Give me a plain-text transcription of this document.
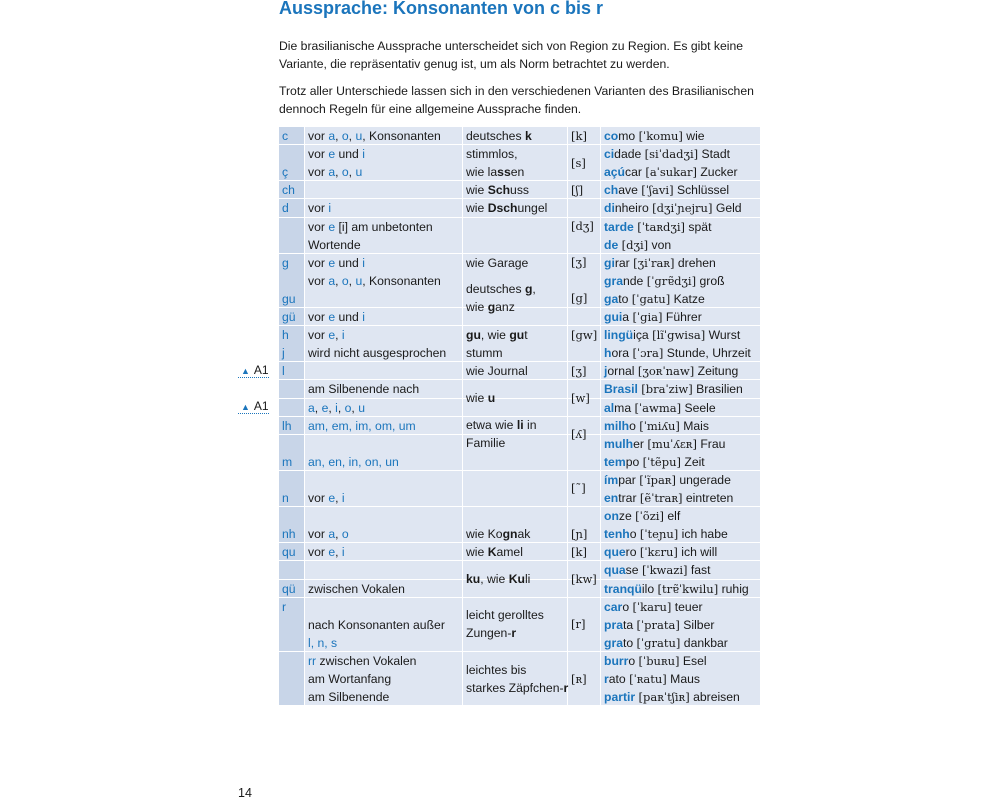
Aussprache: Konsonanten von c bis r

Die brasilianische Aussprache unterscheidet sich von Region zu Region. Es gibt keine Variante, die repräsentativ genug ist, um als Norm betrachtet zu werden.

Trotz aller Unterschiede lassen sich in den verschiedenen Varianten des Brasilianischen dennoch Regeln für eine allgemeine Aussprache finden.

▲ A1
▲ A1
c
ç
ch
d
g
gu
gü
h
j
l
lh
m
n
nh
qu
qü
r
vor a, o, u, Konsonanten
vor e und i
vor a, o, u
vor i
vor e [i] am unbetonten
Wortende
vor e und i
vor a, o, u, Konsonanten
vor e und i
vor e, i
wird nicht ausgesprochen
am Silbenende nach
a, e, i, o, u
am, em, im, om, um
an, en, in, on, un
vor e, i
vor a, o
vor e, i
zwischen Vokalen
nach Konsonanten außer
l, n, s
rr zwischen Vokalen
am Wortanfang
am Silbenende
deutsches k
stimmlos,
wie lassen
wie Schuss
wie Dschungel
wie Garage
deutsches g,
wie ganz
gu, wie gut
stumm
wie Journal
wie u
etwa wie li in
Familie
wie Kognak
wie Kamel
ku, wie Kuli
leicht gerolltes
Zungen-r
leichtes bis
starkes Zäpfchen-r
[k]
[s]
[ʃ]
[dʒ]
[ʒ]
[g]
[gw]
[ʒ]
[w]
[ʎ]
[˜]
[ɲ]
[k]
[kw]
[r]
[ʀ]
como [ˈkomu] wie
cidade [siˈdadʒi] Stadt
açúcar [aˈsukar] Zucker
chave [ˈʃavi] Schlüssel
dinheiro [dʒiˈɲejru] Geld
tarde [ˈtaʀdʒi] spät
de [dʒi] von
girar [ʒiˈraʀ] drehen
grande [ˈgrɐ̃dʒi] groß
gato [ˈgatu] Katze
guia [ˈgia] Führer
lingüiça [lĩˈgwisa] Wurst
hora [ˈɔra] Stunde, Uhrzeit
jornal [ʒoʀˈnaw] Zeitung
Brasil [braˈziw] Brasilien
alma [ˈawma] Seele
milho [ˈmiʎu] Mais
mulher [muˈʎɛʀ] Frau
tempo [ˈtẽpu] Zeit
ímpar [ˈĩpaʀ] ungerade
entrar [ẽˈtraʀ] eintreten
onze [ˈõzi] elf
tenho [ˈteɲu] ich habe
quero [ˈkɛru] ich will
quase [ˈkwazi] fast
tranqüilo [trɐ̃ˈkwilu] ruhig
caro [ˈkaru] teuer
prata [ˈprata] Silber
grato [ˈgratu] dankbar
burro [ˈbuʀu] Esel
rato [ˈʀatu] Maus
partir [paʀˈtʃiʀ] abreisen
14
